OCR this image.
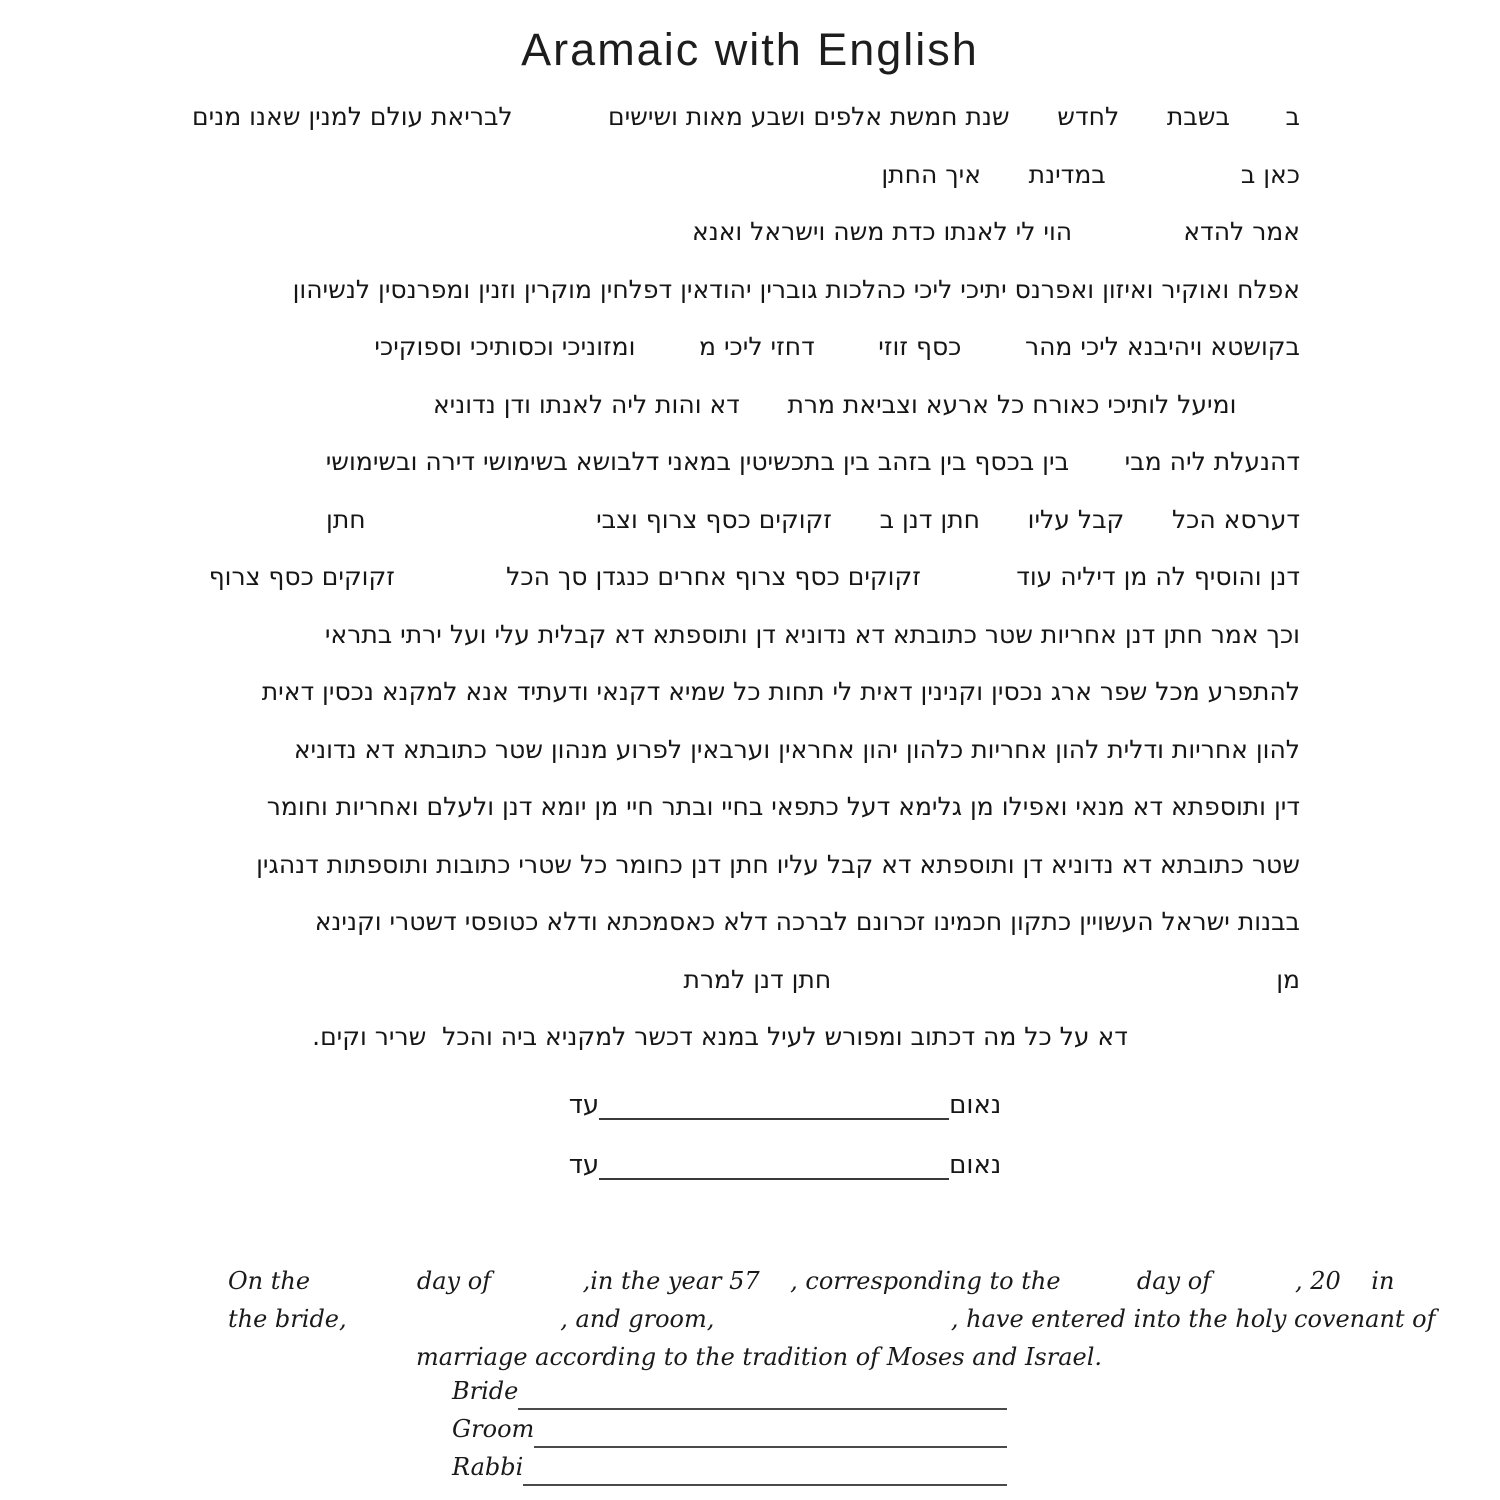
Aramaic with English
ב       בשבת      לחדש      שנת חמשת אלפים ושבע מאות ושישים            לבריאת עולם למנין שאנו מנים
כאן ב                 במדינת      איך החתן
אמר להדא              הוי לי לאנתו כדת משה וישראל ואנא
אפלח ואוקיר ואיזון ואפרנס יתיכי ליכי כהלכות גוברין יהודאין דפלחין מוקרין וזנין ומפרנסין לנשיהון
בקושטא ויהיבנא ליכי מהר        כסף זוזי        דחזי ליכי מ        ומזוניכי וכסותיכי וספוקיכי
ומיעל לותיכי כאורח כל ארעא וצביאת מרת      דא והות ליה לאנתו ודן נדוניא
דהנעלת ליה מבי       בין בכסף בין בזהב בין בתכשיטין במאני דלבושא בשימושי דירה ובשימושי
דערסא הכל      קבל עליו      חתן דנן ב      זקוקים כסף צרוף וצבי                             חתן
דנן והוסיף לה מן דיליה עוד            זקוקים כסף צרוף אחרים כנגדן סך הכל              זקוקים כסף צרוף
וכך אמר חתן דנן אחריות שטר כתובתא דא נדוניא דן ותוספתא דא קבלית עלי ועל ירתי בתראי
להתפרע מכל שפר ארג נכסין וקנינין דאית לי תחות כל שמיא דקנאי ודעתיד אנא למקנא נכסין דאית
להון אחריות ודלית להון אחריות כלהון יהון אחראין וערבאין לפרוע מנהון שטר כתובתא דא נדוניא
דין ותוספתא דא מנאי ואפילו מן גלימא דעל כתפאי בחיי ובתר חיי מן יומא דנן ולעלם ואחריות וחומר
שטר כתובתא דא נדוניא דן ותוספתא דא קבל עליו חתן דנן כחומר כל שטרי כתובות ותוספתות דנהגין
בבנות ישראל העשויין כתקון חכמינו זכרונם לברכה דלא כאסמכתא ודלא כטופסי דשטרי וקנינא
מן                                                        חתן דנן למרת
דא על כל מה דכתוב ומפורש לעיל במנא דכשר למקניא ביה והכל  שריר וקים.
נאום
עד
נאום
עד
On the              day of            ,in the year 57    , corresponding to the          day of           , 20    in
the bride,                            , and groom,                               , have entered into the holy covenant of
marriage according to the tradition of Moses and Israel.
Bride
Groom
Rabbi
